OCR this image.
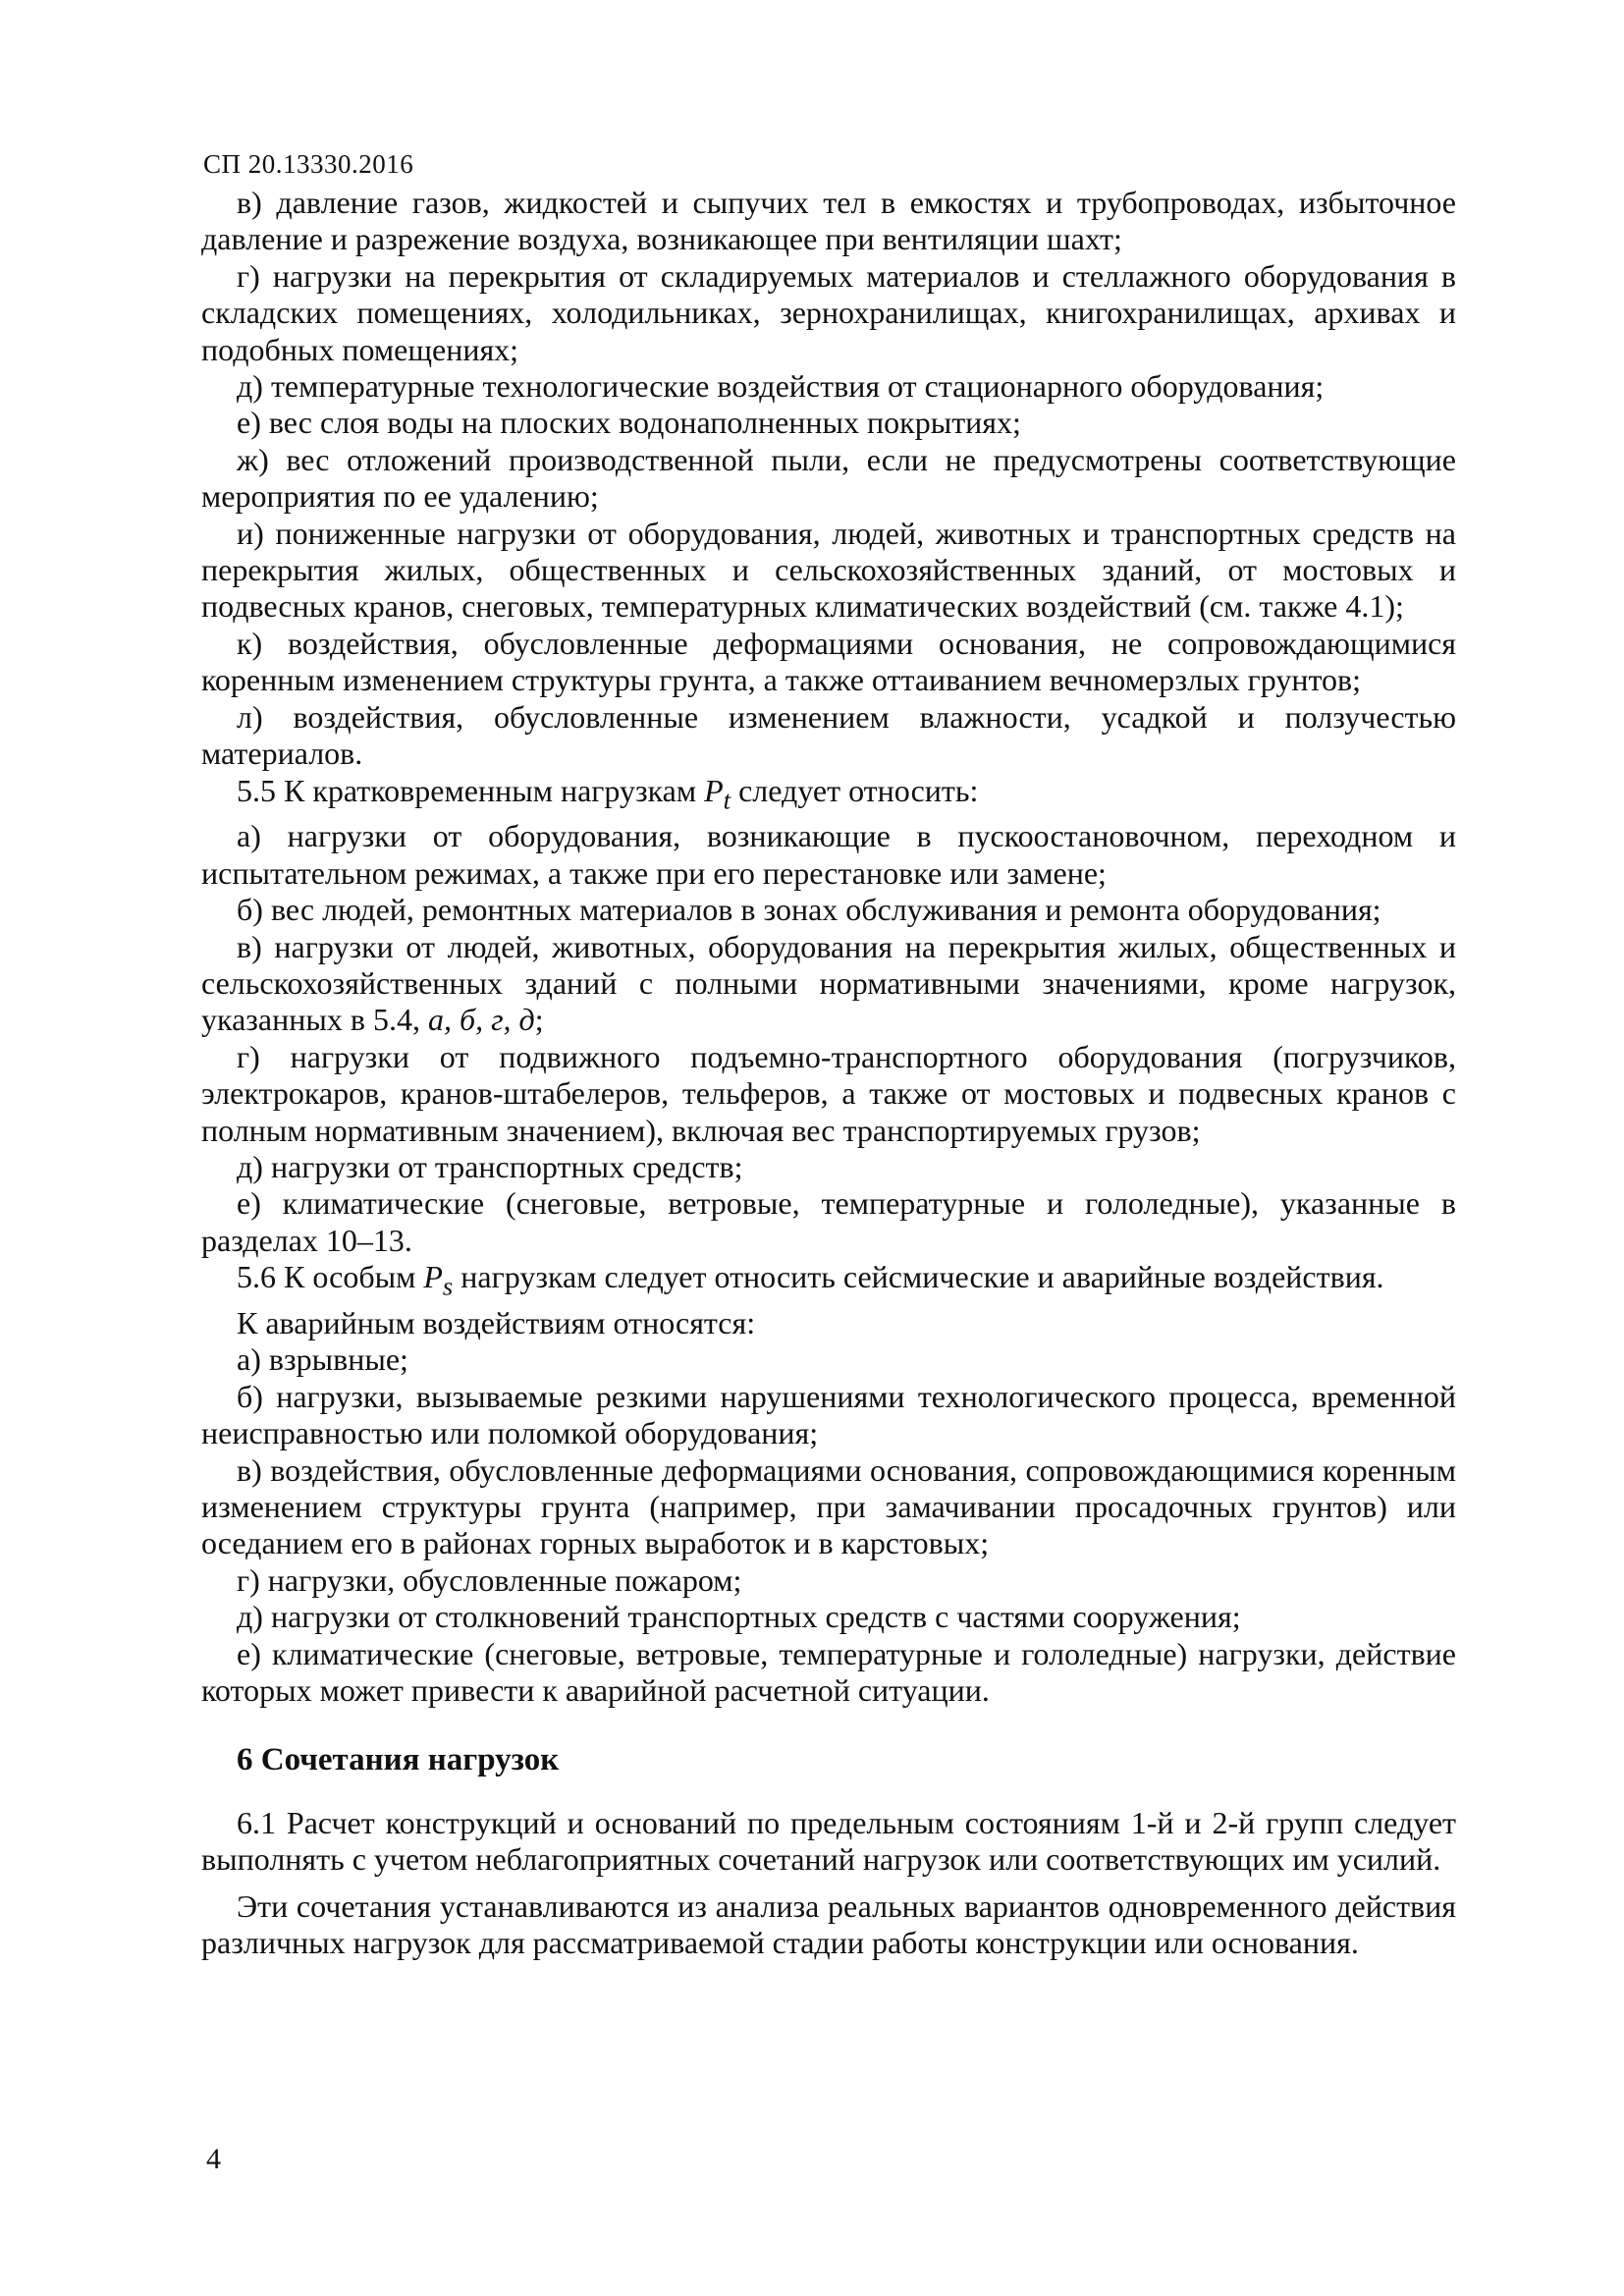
СП 20.13330.2016

в) давление газов, жидкостей и сыпучих тел в емкостях и трубопроводах, избыточное давление и разрежение воздуха, возникающее при вентиляции шахт;

г) нагрузки на перекрытия от складируемых материалов и стеллажного оборудования в складских помещениях, холодильниках, зернохранилищах, книгохранилищах, архивах и подобных помещениях;

д) температурные технологические воздействия от стационарного оборудования;

е) вес слоя воды на плоских водонаполненных покрытиях;

ж) вес отложений производственной пыли, если не предусмотрены соответствующие мероприятия по ее удалению;

и) пониженные нагрузки от оборудования, людей, животных и транспортных средств на перекрытия жилых, общественных и сельскохозяйственных зданий, от мостовых и подвесных кранов, снеговых, температурных климатических воздействий (см. также 4.1);

к) воздействия, обусловленные деформациями основания, не сопровождающимися коренным изменением структуры грунта, а также оттаиванием вечномерзлых грунтов;

л) воздействия, обусловленные изменением влажности, усадкой и ползучестью материалов.

5.5 К кратковременным нагрузкам $P_t$ следует относить:

а) нагрузки от оборудования, возникающие в пускоостановочном, переходном и испытательном режимах, а также при его перестановке или замене;

б) вес людей, ремонтных материалов в зонах обслуживания и ремонта оборудования;

в) нагрузки от людей, животных, оборудования на перекрытия жилых, общественных и сельскохозяйственных зданий с полными нормативными значениями, кроме нагрузок, указанных в 5.4, а, б, г, д;

г) нагрузки от подвижного подъемно-транспортного оборудования (погрузчиков, электрокаров, кранов-штабелеров, тельферов, а также от мостовых и подвесных кранов с полным нормативным значением), включая вес транспортируемых грузов;

д) нагрузки от транспортных средств;

е) климатические (снеговые, ветровые, температурные и гололедные), указанные в разделах 10–13.

5.6 К особым $P_s$ нагрузкам следует относить сейсмические и аварийные воздействия.

К аварийным воздействиям относятся:

а) взрывные;

б) нагрузки, вызываемые резкими нарушениями технологического процесса, временной неисправностью или поломкой оборудования;

в) воздействия, обусловленные деформациями основания, сопровождающимися коренным изменением структуры грунта (например, при замачивании просадочных грунтов) или оседанием его в районах горных выработок и в карстовых;

г) нагрузки, обусловленные пожаром;

д) нагрузки от столкновений транспортных средств с частями сооружения;

е) климатические (снеговые, ветровые, температурные и гололедные) нагрузки, действие которых может привести к аварийной расчетной ситуации.

6 Сочетания нагрузок

6.1 Расчет конструкций и оснований по предельным состояниям 1-й и 2-й групп следует выполнять с учетом неблагоприятных сочетаний нагрузок или соответствующих им усилий.

Эти сочетания устанавливаются из анализа реальных вариантов одновременного действия различных нагрузок для рассматриваемой стадии работы конструкции или основания.

4
